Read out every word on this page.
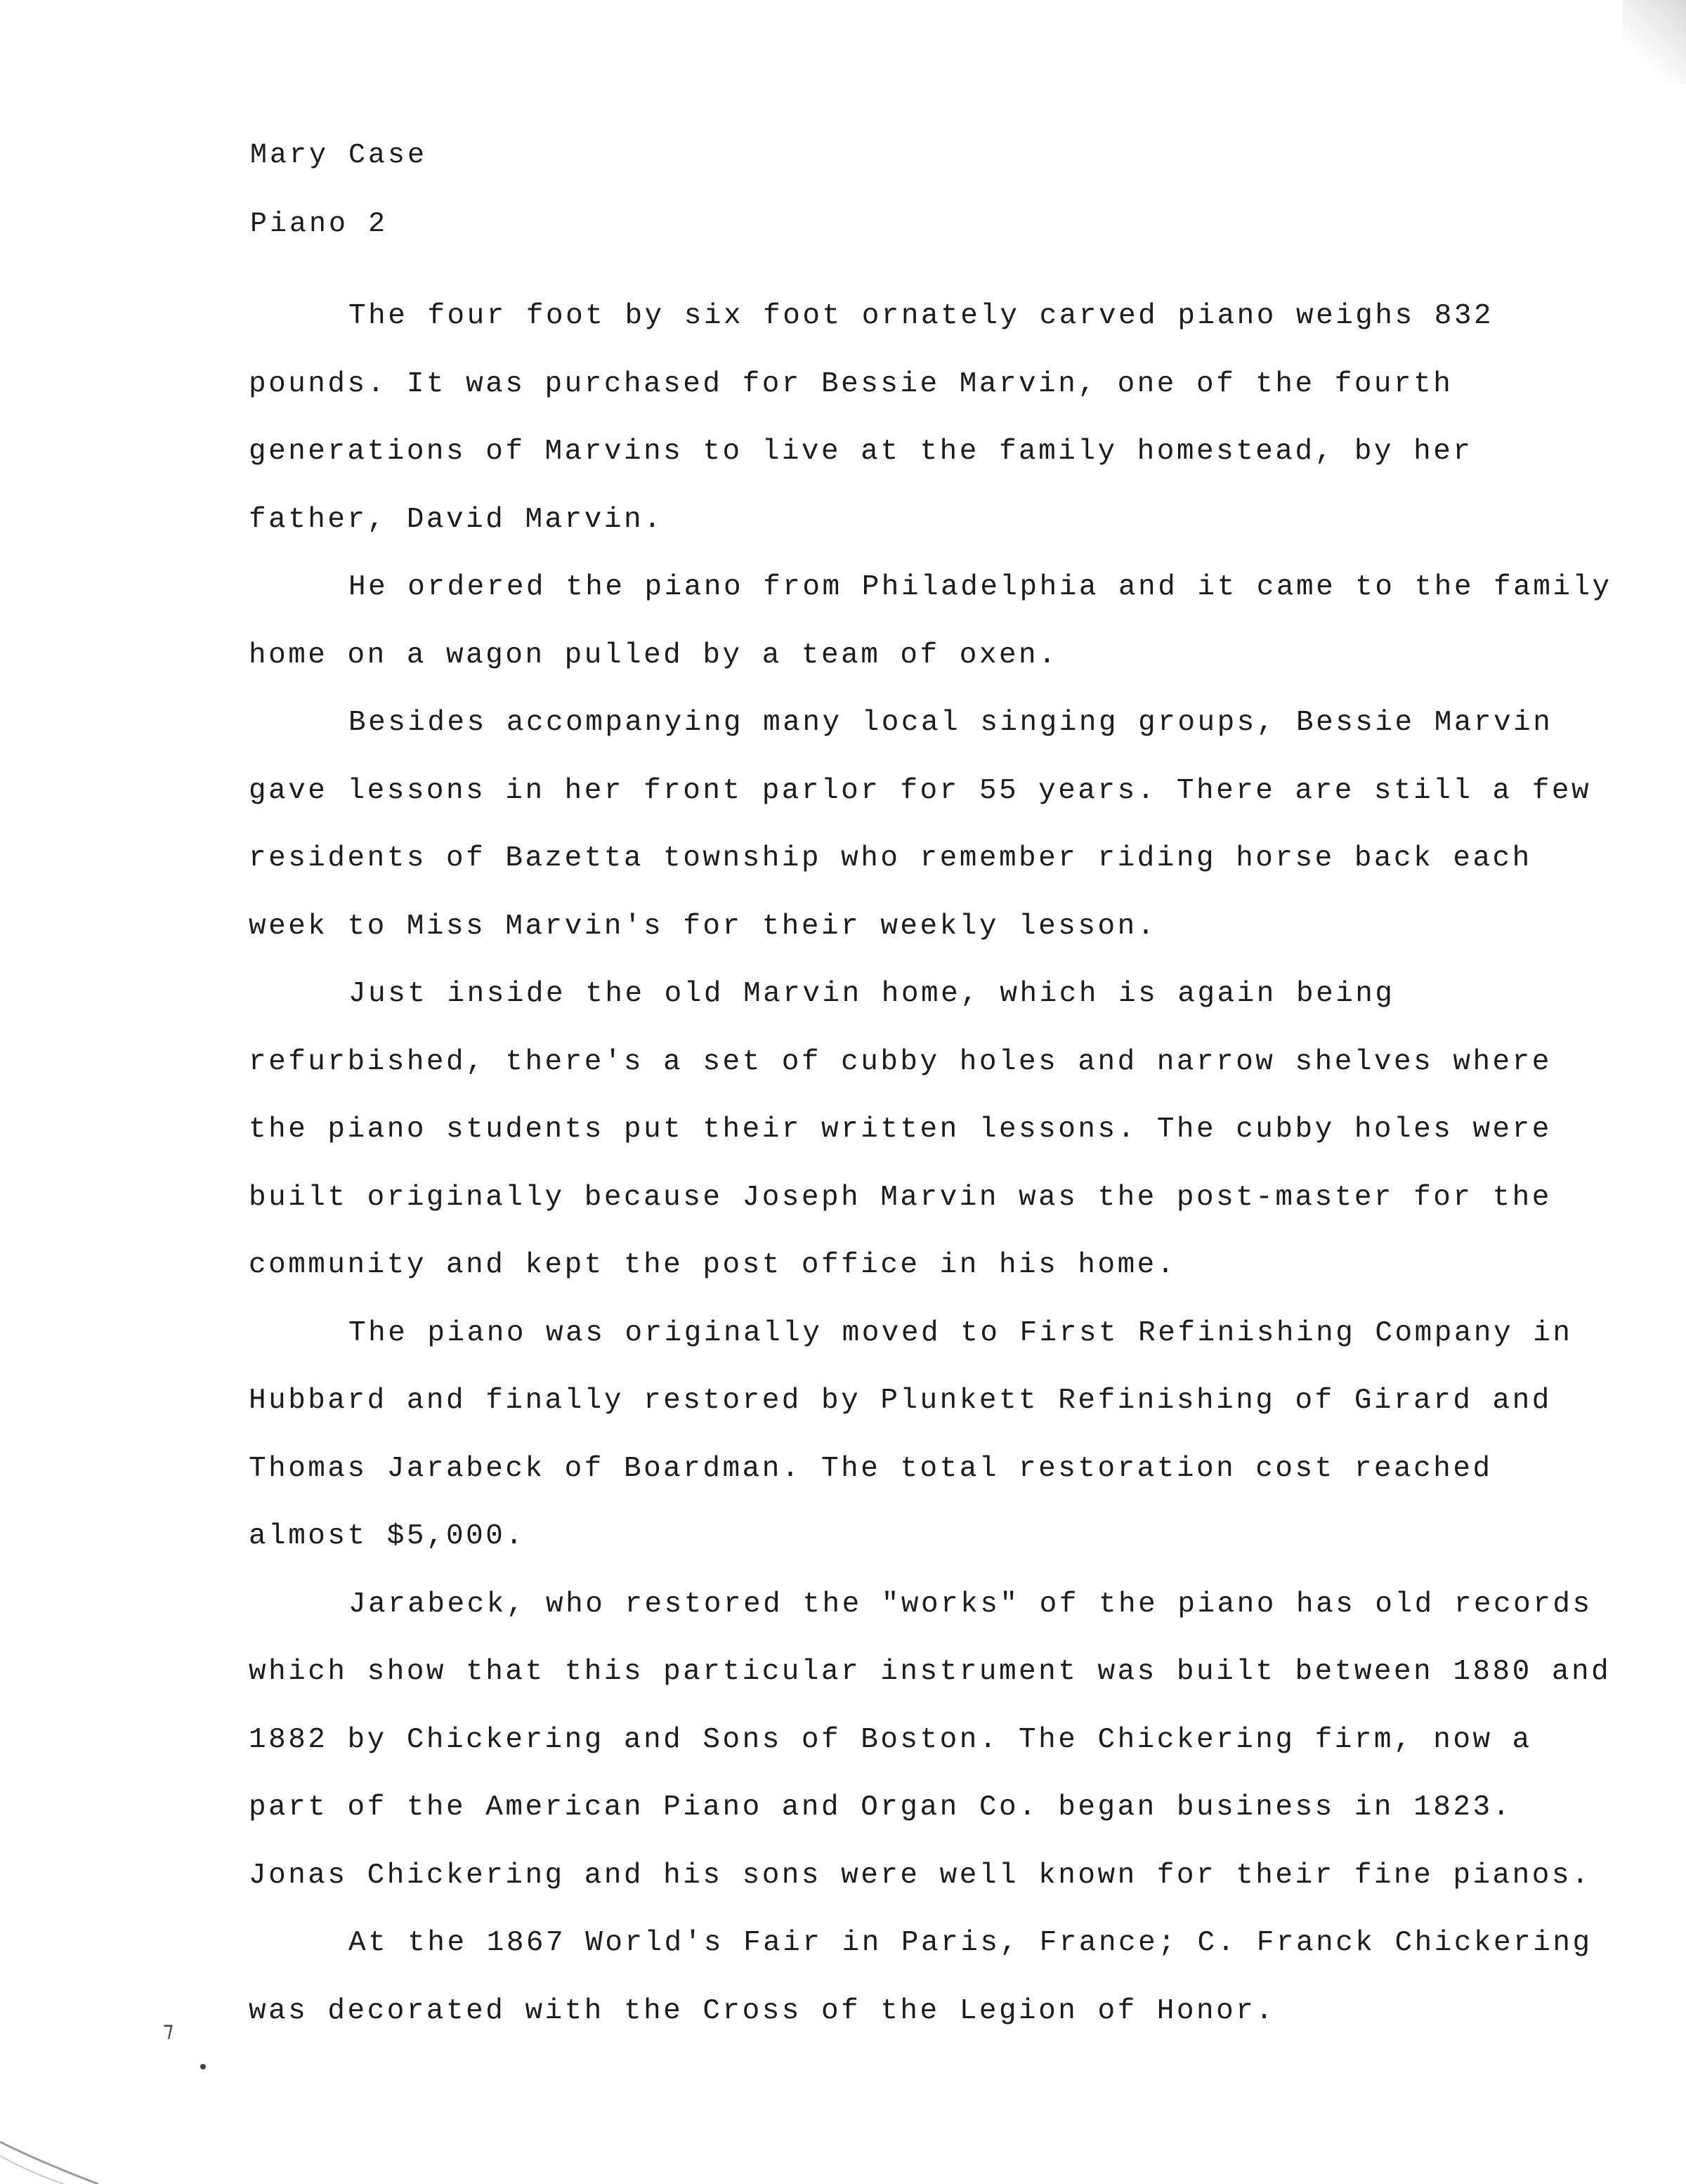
Mary Case
Piano 2

The four foot by six foot ornately carved piano weighs 832 pounds. It was purchased for Bessie Marvin, one of the fourth generations of Marvins to live at the family homestead, by her father, David Marvin.

He ordered the piano from Philadelphia and it came to the family home on a wagon pulled by a team of oxen.

Besides accompanying many local singing groups, Bessie Marvin gave lessons in her front parlor for 55 years. There are still a few residents of Bazetta township who remember riding horse back each week to Miss Marvin's for their weekly lesson.

Just inside the old Marvin home, which is again being refurbished, there's a set of cubby holes and narrow shelves where the piano students put their written lessons. The cubby holes were built originally because Joseph Marvin was the post-master for the community and kept the post office in his home.

The piano was originally moved to First Refinishing Company in Hubbard and finally restored by Plunkett Refinishing of Girard and Thomas Jarabeck of Boardman. The total restoration cost reached almost $5,000.

Jarabeck, who restored the "works" of the piano has old records which show that this particular instrument was built between 1880 and 1882 by Chickering and Sons of Boston. The Chickering firm, now a part of the American Piano and Organ Co. began business in 1823. Jonas Chickering and his sons were well known for their fine pianos.

At the 1867 World's Fair in Paris, France; C. Franck Chickering was decorated with the Cross of the Legion of Honor.

⁊
•
